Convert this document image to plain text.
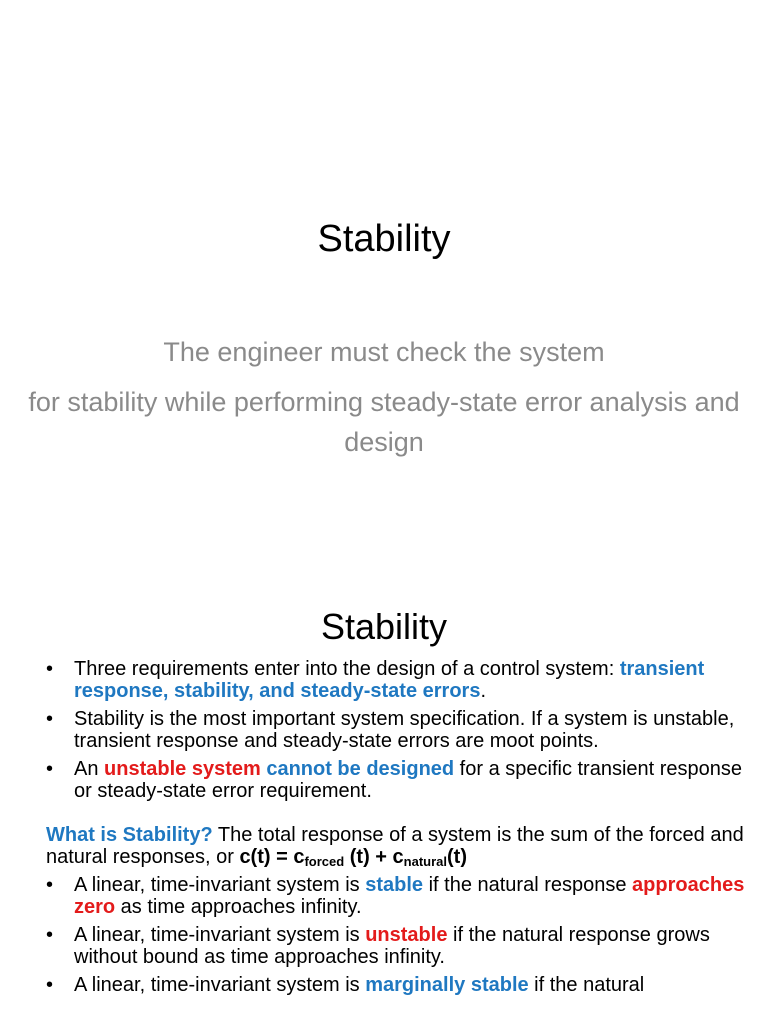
Stability
The engineer must check the system
for stability while performing steady-state error analysis and design
Stability
• Three requirements enter into the design of a control system: transient response, stability, and steady-state errors.
• Stability is the most important system specification. If a system is unstable, transient response and steady-state errors are moot points.
• An unstable system cannot be designed for a specific transient response or steady-state error requirement.
What is Stability? The total response of a system is the sum of the forced and natural responses, or $c(t) = c_{forced}$ $(t) + c_{natural}(t)$
• A linear, time-invariant system is stable if the natural response approaches zero as time approaches infinity.
• A linear, time-invariant system is unstable if the natural response grows without bound as time approaches infinity.
• A linear, time-invariant system is marginally stable if the natural
